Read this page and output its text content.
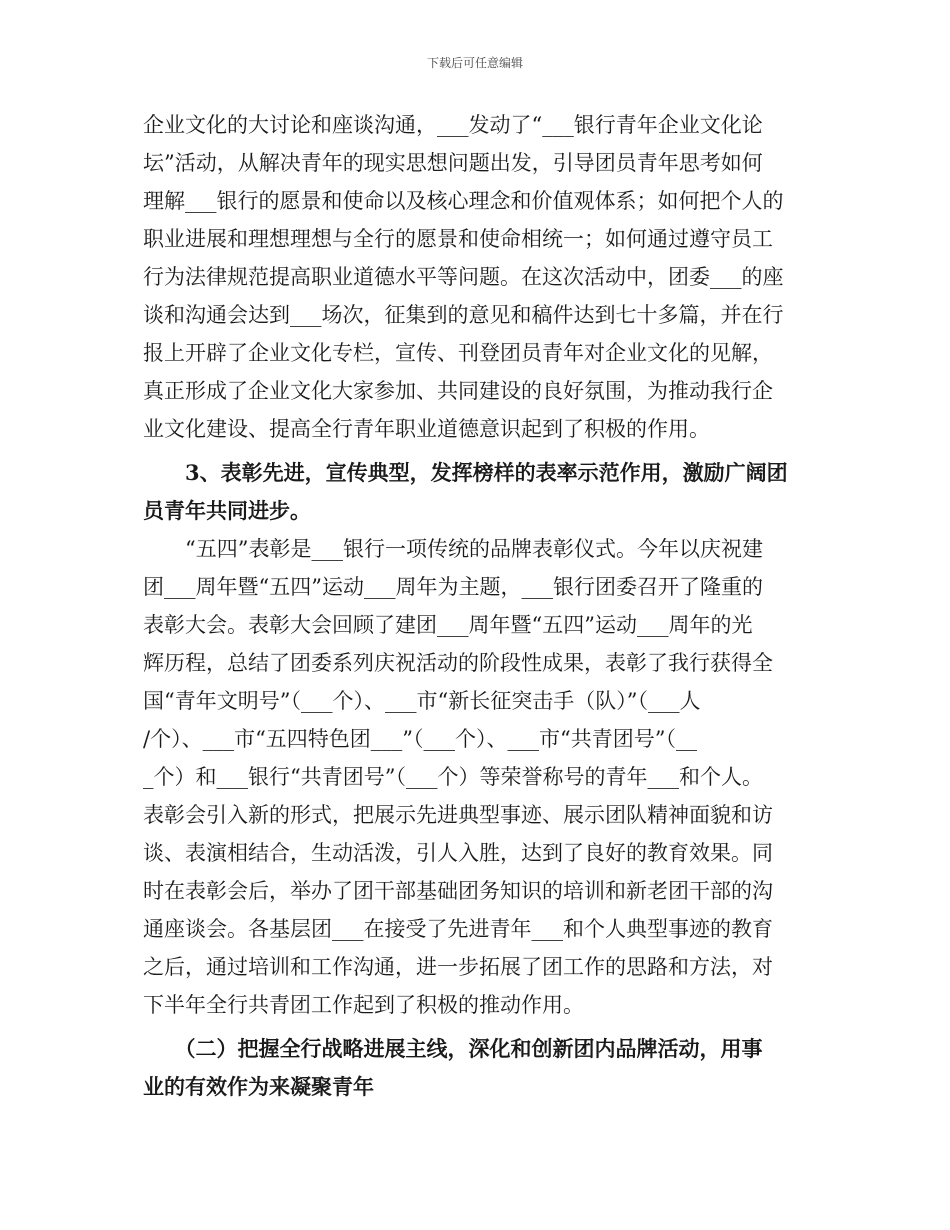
下载后可任意编辑
企业文化的大讨论和座谈沟通，___发动了“___银行青年企业文化论
坛”活动，从解决青年的现实思想问题出发，引导团员青年思考如何
理解___银行的愿景和使命以及核心理念和价值观体系；如何把个人的
职业进展和理想理想与全行的愿景和使命相统一；如何通过遵守员工
行为法律规范提高职业道德水平等问题。在这次活动中，团委___的座
谈和沟通会达到___场次，征集到的意见和稿件达到七十多篇，并在行
报上开辟了企业文化专栏，宣传、刊登团员青年对企业文化的见解，
真正形成了企业文化大家参加、共同建设的良好氛围，为推动我行企
业文化建设、提高全行青年职业道德意识起到了积极的作用。
　　3、表彰先进，宣传典型，发挥榜样的表率示范作用，激励广阔团
员青年共同进步。
　　“五四”表彰是___银行一项传统的品牌表彰仪式。今年以庆祝建
团___周年暨“五四”运动___周年为主题，___银行团委召开了隆重的
表彰大会。表彰大会回顾了建团___周年暨“五四”运动___周年的光
辉历程，总结了团委系列庆祝活动的阶段性成果，表彰了我行获得全
国“青年文明号”（___个）、___市“新长征突击手（队）”（___人
/个）、___市“五四特色团___”（___个）、___市“共青团号”（__
_个）和___银行“共青团号”（___个）等荣誉称号的青年___和个人。
表彰会引入新的形式，把展示先进典型事迹、展示团队精神面貌和访
谈、表演相结合，生动活泼，引人入胜，达到了良好的教育效果。同
时在表彰会后，举办了团干部基础团务知识的培训和新老团干部的沟
通座谈会。各基层团___在接受了先进青年___和个人典型事迹的教育
之后，通过培训和工作沟通，进一步拓展了团工作的思路和方法，对
下半年全行共青团工作起到了积极的推动作用。
　　（二）把握全行战略进展主线，深化和创新团内品牌活动，用事
业的有效作为来凝聚青年
